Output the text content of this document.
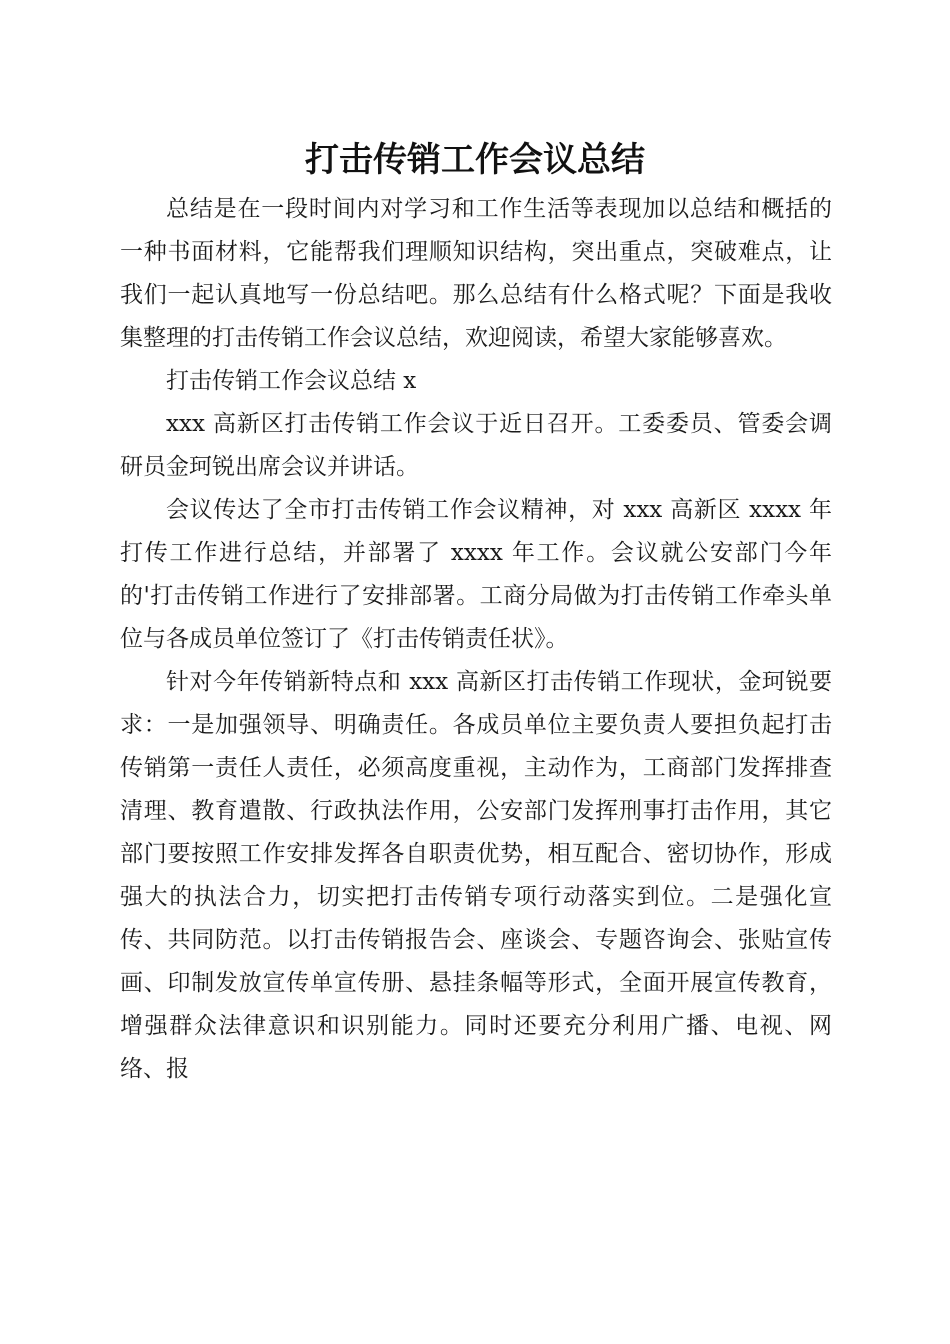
打击传销工作会议总结

总结是在一段时间内对学习和工作生活等表现加以总结和概括的一种书面材料，它能帮我们理顺知识结构，突出重点，突破难点，让我们一起认真地写一份总结吧。那么总结有什么格式呢？下面是我收集整理的打击传销工作会议总结，欢迎阅读，希望大家能够喜欢。

打击传销工作会议总结 x

xxx 高新区打击传销工作会议于近日召开。工委委员、管委会调研员金珂锐出席会议并讲话。

会议传达了全市打击传销工作会议精神，对 xxx 高新区 xxxx 年打传工作进行总结，并部署了 xxxx 年工作。会议就公安部门今年的'打击传销工作进行了安排部署。工商分局做为打击传销工作牵头单位与各成员单位签订了《打击传销责任状》。

针对今年传销新特点和 xxx 高新区打击传销工作现状，金珂锐要求：一是加强领导、明确责任。各成员单位主要负责人要担负起打击传销第一责任人责任，必须高度重视，主动作为，工商部门发挥排查清理、教育遣散、行政执法作用，公安部门发挥刑事打击作用，其它部门要按照工作安排发挥各自职责优势，相互配合、密切协作，形成强大的执法合力，切实把打击传销专项行动落实到位。二是强化宣传、共同防范。以打击传销报告会、座谈会、专题咨询会、张贴宣传画、印制发放宣传单宣传册、悬挂条幅等形式，全面开展宣传教育，增强群众法律意识和识别能力。同时还要充分利用广播、电视、网络、报
